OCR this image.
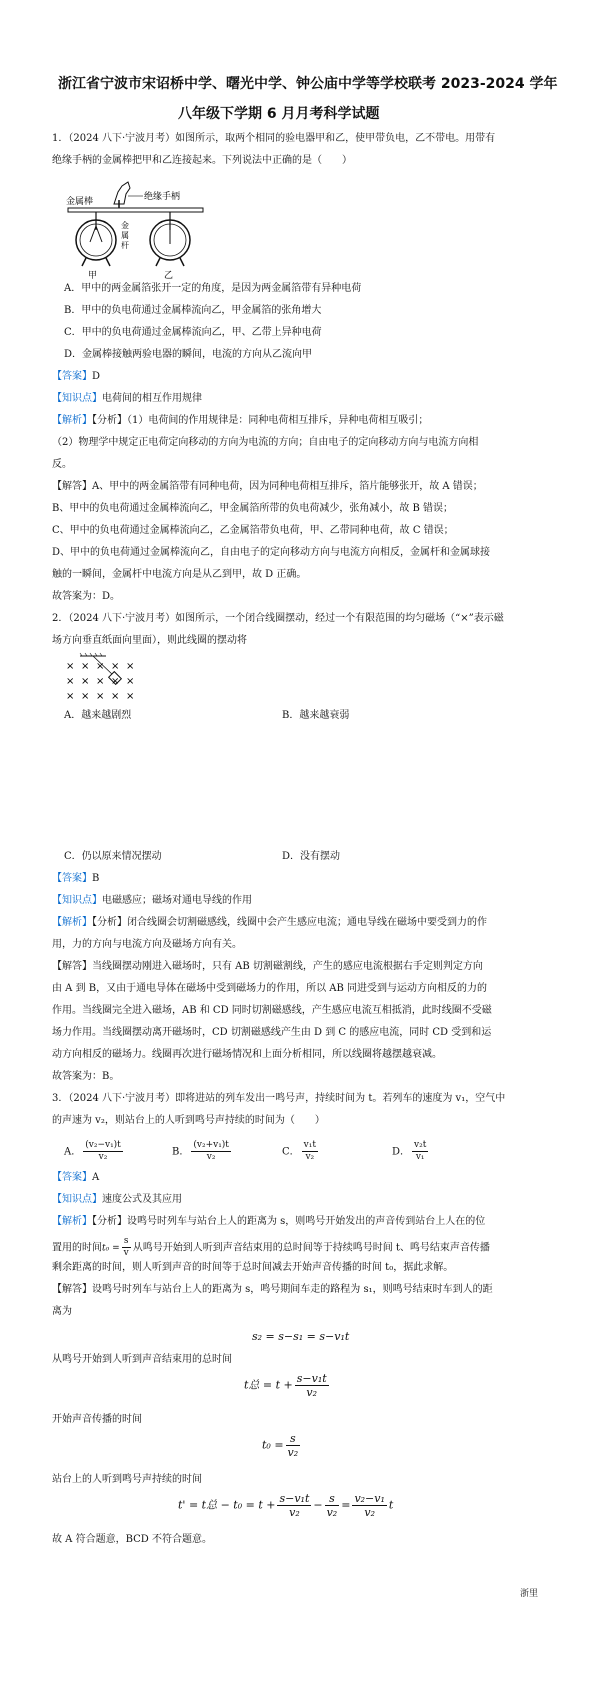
浙江省宁波市宋诏桥中学、曙光中学、钟公庙中学等学校联考 2023-2024 学年
八年级下学期 6 月月考科学试题
1．（2024 八下·宁波月考）如图所示，取两个相同的验电器甲和乙，使甲带负电，乙不带电。用带有
绝缘手柄的金属棒把甲和乙连接起来。下列说法中正确的是（　　）
金属棒	绝缘手柄
金
属
杆
甲	乙
A．甲中的两金属箔张开一定的角度，是因为两金属箔带有异种电荷
B．甲中的负电荷通过金属棒流向乙，甲金属箔的张角增大
C．甲中的负电荷通过金属棒流向乙，甲、乙带上异种电荷
D．金属棒接触两验电器的瞬间，电流的方向从乙流向甲
【答案】D
【知识点】电荷间的相互作用规律
【解析】【分析】（1）电荷间的作用规律是：同种电荷相互排斥，异种电荷相互吸引；
（2）物理学中规定正电荷定向移动的方向为电流的方向；自由电子的定向移动方向与电流方向相
反。
【解答】A、甲中的两金属箔带有同种电荷，因为同种电荷相互排斥，箔片能够张开，故 A 错误；
B、甲中的负电荷通过金属棒流向乙，甲金属箔所带的负电荷减少，张角减小，故 B 错误；
C、甲中的负电荷通过金属棒流向乙，乙金属箔带负电荷，甲、乙带同种电荷，故 C 错误；
D、甲中的负电荷通过金属棒流向乙，自由电子的定向移动方向与电流方向相反，金属杆和金属球接
触的一瞬间，金属杆中电流方向是从乙到甲，故 D 正确。
故答案为：D。
2．（2024 八下·宁波月考）如图所示，一个闭合线圈摆动，经过一个有限范围的均匀磁场（“×”表示磁
场方向垂直纸面向里面），则此线圈的摆动将
× × × × ×
× × × × ×
× × × × ×
A．越来越剧烈	B．越来越衰弱
C．仍以原来情况摆动	D．没有摆动
【答案】B
【知识点】电磁感应；磁场对通电导线的作用
【解析】【分析】闭合线圈会切割磁感线，线圈中会产生感应电流；通电导线在磁场中要受到力的作
用，力的方向与电流方向及磁场方向有关。
【解答】当线圈摆动刚进入磁场时，只有 AB 切割磁割线，产生的感应电流根据右手定则判定方向
由 A 到 B，又由于通电导体在磁场中受到磁场力的作用，所以 AB 同进受到与运动方向相反的力的
作用。当线圈完全进入磁场，AB 和 CD 同时切割磁感线，产生感应电流互相抵消，此时线圈不受磁
场力作用。当线圈摆动离开磁场时，CD 切割磁感线产生由 D 到 C 的感应电流，同时 CD 受到和运
动方向相反的磁场力。线圈再次进行磁场情况和上面分析相同，所以线圈将越摆越衰减。
故答案为：B。
3．（2024 八下·宁波月考）即将进站的列车发出一鸣号声，持续时间为 t。若列车的速度为 v₁，空气中
的声速为 v₂，则站台上的人听到鸣号声持续的时间为（　　）
A． $\frac{\text{(v₂−v₁)t}}{\text{v₂}}$	B． $\frac{\text{(v₂+v₁)t}}{\text{v₂}}$	C． $\frac{\text{v₁t}}{\text{v₂}}$	D． $\frac{\text{v₂t}}{\text{v₁}}$
【答案】A
【知识点】速度公式及其应用
【解析】【分析】设鸣号时列车与站台上人的距离为 s，则鸣号开始发出的声音传到站台上人在的位
置用的时间$t_0 = \frac{s}{v}$ 从鸣号开始到人听到声音结束用的总时间等于持续鸣号时间 t、鸣号结束声音传播
剩余距离的时间，则人听到声音的时间等于总时间减去开始声音传播的时间 t₀，据此求解。
【解答】设鸣号时列车与站台上人的距离为 s，鸣号期间车走的路程为 s₁，则鸣号结束时车到人的距
离为
s₂ = s−s₁ = s−v₁t
从鸣号开始到人听到声音结束用的总时间
t总 = $t + \frac{\text{s−v₁t}}{\text{v₂}}$
开始声音传播的时间
$t_0 = \frac{s}{\text{v₂}}$
站台上的人听到鸣号声持续的时间
t' = t总 − $t_0 = t + \frac{\text{s−v₁t}}{\text{v₂}} - \frac{s}{\text{v₂}} = \frac{\text{v₂−v₁}}{\text{v₂}}$ t
故 A 符合题意，BCD 不符合题意。
浙里
